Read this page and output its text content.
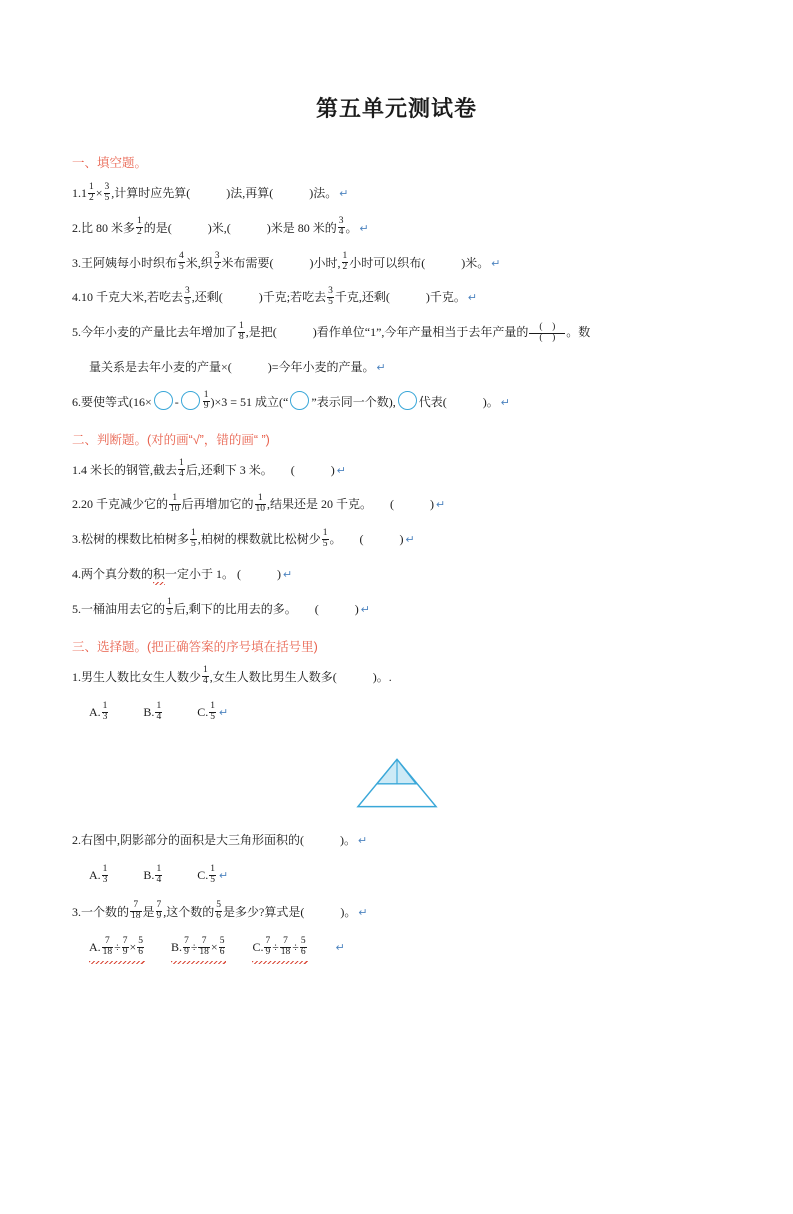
第五单元测试卷
一、填空题。
$1.1 \frac{1}{2} \times \frac{3}{5}$ ,计算时应先算(	)法,再算(	)法。 ↵
2.比 80 米多 $\frac{1}{2}$ 的是(	)米,(	)米是 80 米的 $\frac{3}{4}$ 。 ↵
3.王阿姨每小时织布 $\frac{4}{5}$ 米,织 $\frac{3}{2}$ 米布需要(	)小时, $\frac{1}{2}$ 小时可以织布(	)米。 ↵
4.10 千克大米,若吃去 $\frac{3}{5}$ ,还剩(	)千克;若吃去 $\frac{3}{5}$ 千克,还剩(	)千克。 ↵
5.今年小麦的产量比去年增加了 $\frac{1}{8}$ ,是把(	)看作单位“1”,今年产量相当于去年产量的 $\frac{( )}{( )}$ 。数
量关系是去年小麦的产量×(	)=今年小麦的产量。 ↵
6.要使等式(16× -	$\frac{1}{9} )\times 3 = 51$ 成立(“ ”表示同一个数), 代表(	)。 ↵
二、判断题。(对的画“√”，错的画“ ”)
1.4 米长的钢管,截去 $\frac{1}{4}$ 后,还剩下 3 米。 (	) ↵
2.20 千克减少它的 $\frac{1}{10}$ 后再增加它的 $\frac{1}{10}$ ,结果还是 20 千克。 (	) ↵
3.松树的棵数比柏树多 $\frac{1}{5}$ ,柏树的棵数就比松树少 $\frac{1}{5}$ 。 (	) ↵
4.两个真分数的积一定小于 1。 (	) ↵
5.一桶油用去它的 $\frac{1}{5}$ 后,剩下的比用去的多。 (	) ↵
三、选择题。(把正确答案的序号填在括号里)
1.男生人数比女生人数少 $\frac{1}{4}$ ,女生人数比男生人数多(	)。.
A. $\frac{1}{3}$	B. $\frac{1}{4}$	C. $\frac{1}{5}$
↵
2.右图中,阴影部分的面积是大三角形面积的(	)。 ↵
A. $\frac{1}{3}$	B. $\frac{1}{4}$	C. $\frac{1}{5}$
↵
3.一个数的 $\frac{7}{18}$ 是 $\frac{7}{9}$ ,这个数的 $\frac{5}{6}$ 是多少?算式是(	)。 ↵
A. $\frac{7}{18} \div \frac{7}{9} \times \frac{5}{6} B$. $\frac{7}{9} \div \frac{7}{18} \times \frac{5}{6} C$. $\frac{7}{9} \div \frac{7}{18} \div \frac{5}{6}$
↵
